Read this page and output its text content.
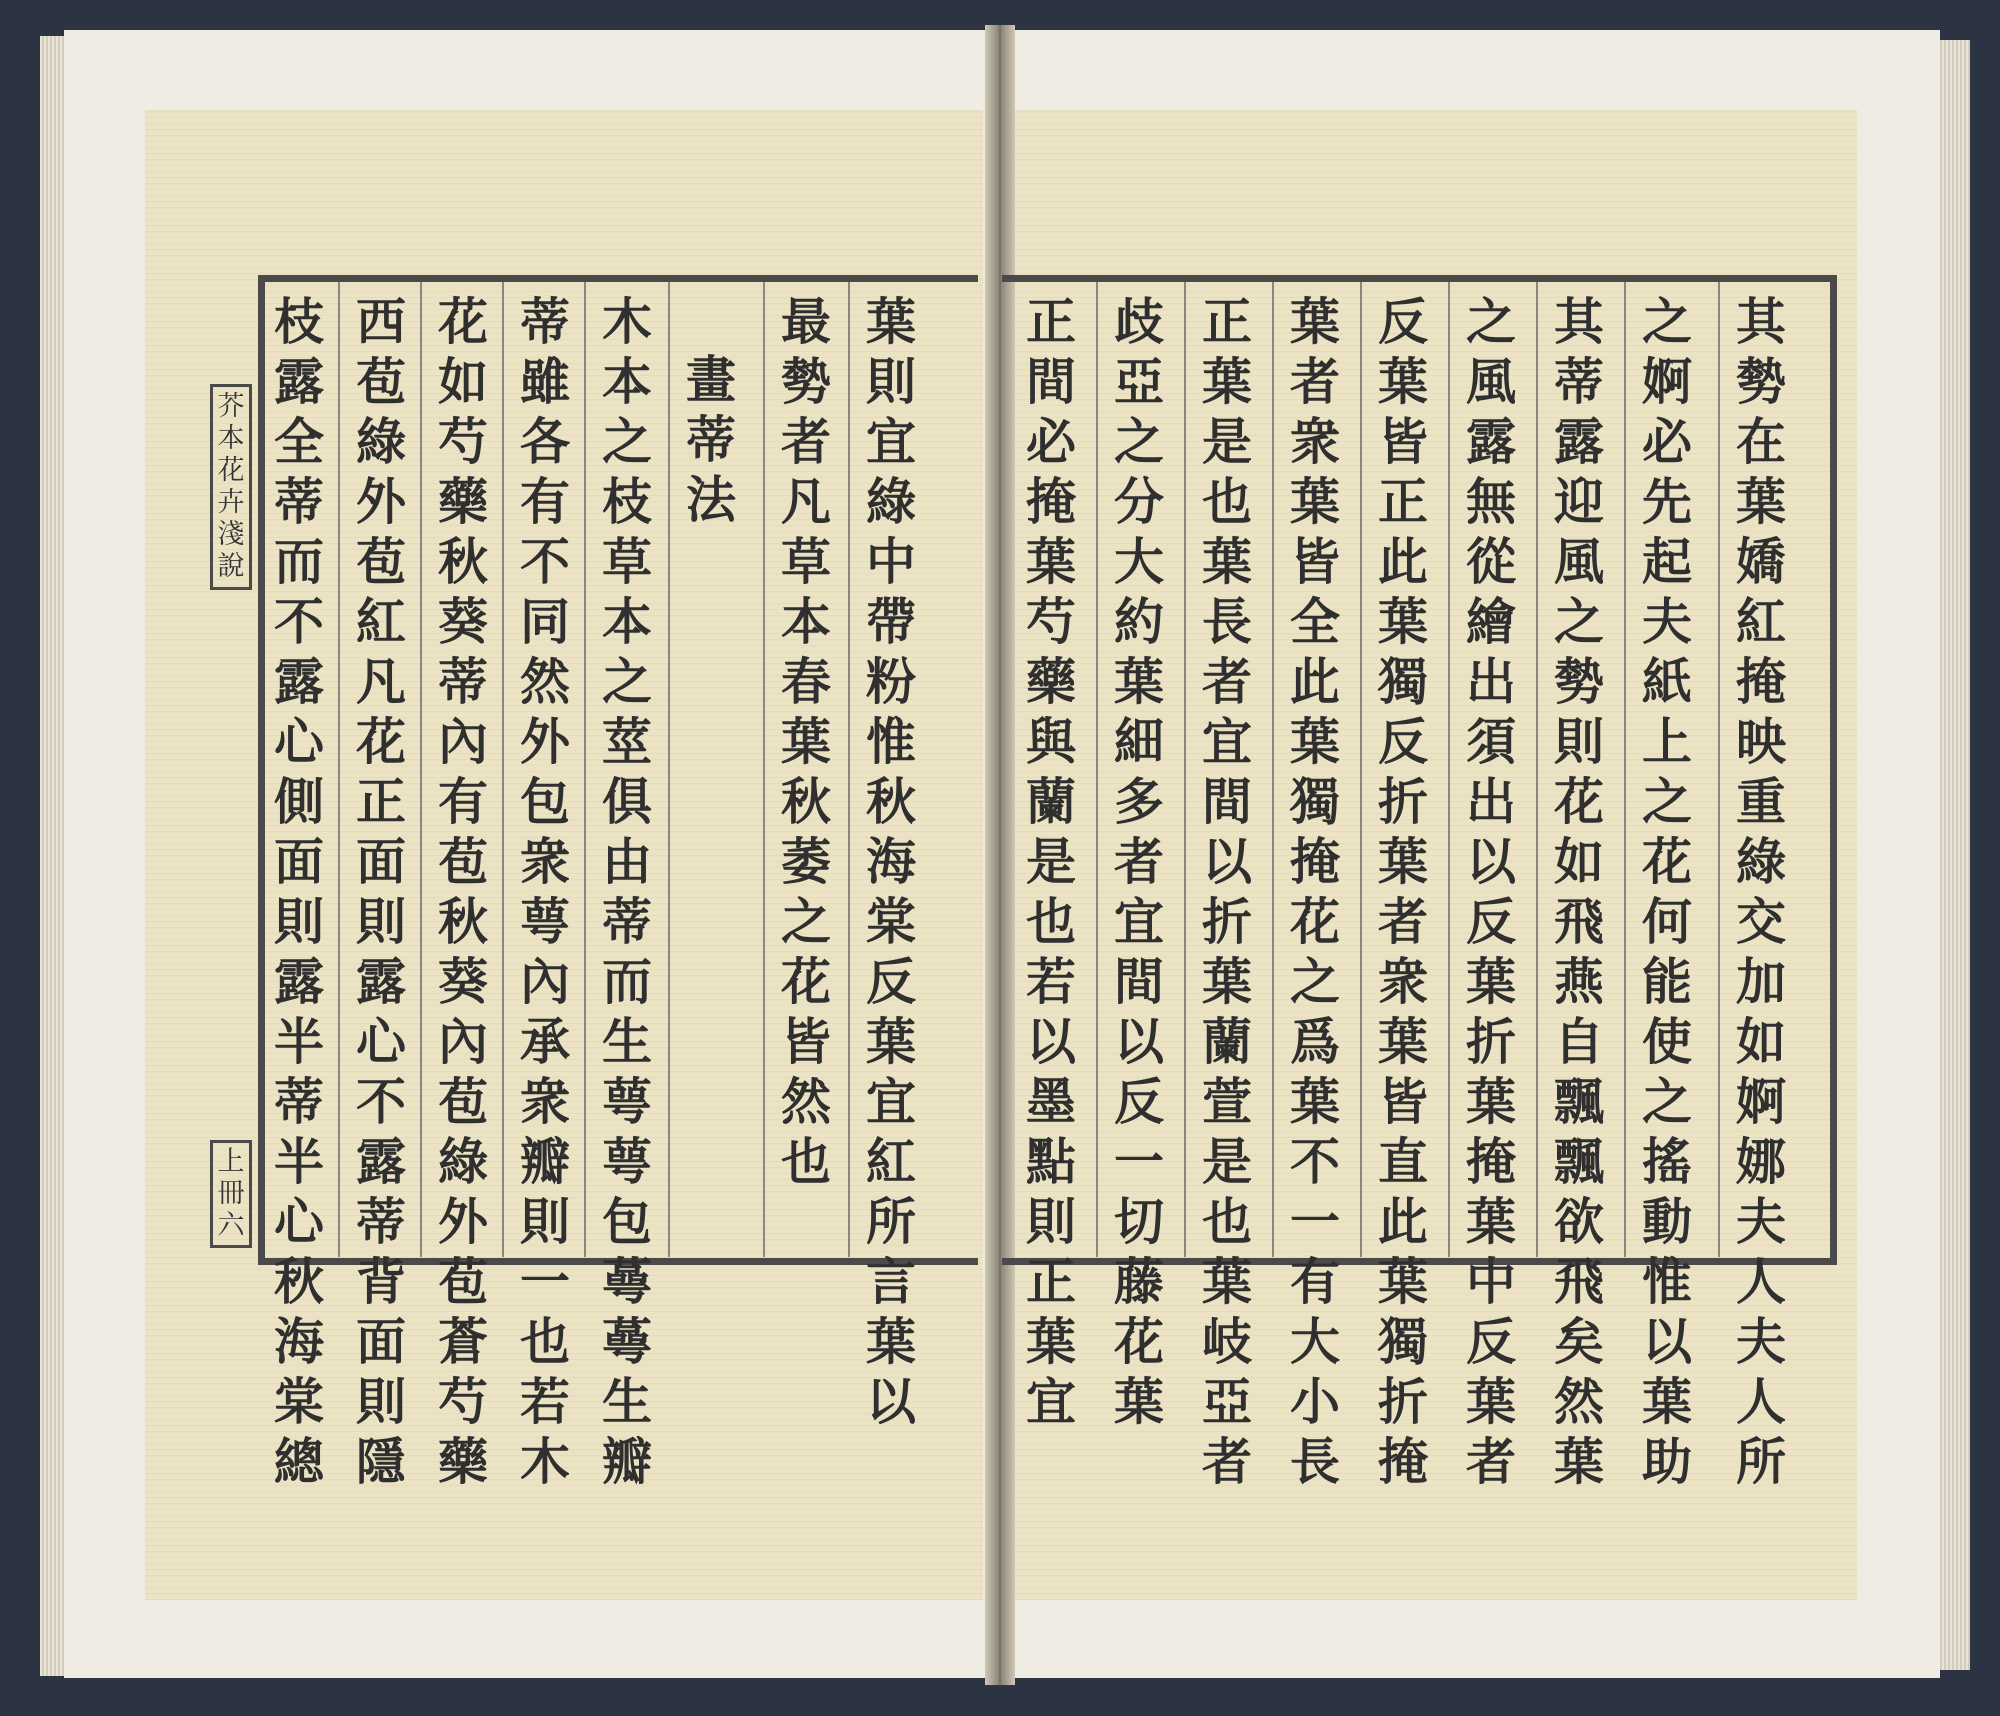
芥
本
花
卉
淺
說
上
冊
六
枝
露
全
蒂
而
不
露
心
側
面
則
露
半
蒂
半
心
秋
海
棠
總
西
苞
綠
外
苞
紅
凡
花
正
面
則
露
心
不
露
蒂
背
面
則
隱
花
如
芍
藥
秋
葵
蒂
內
有
苞
秋
葵
內
苞
綠
外
苞
蒼
芍
藥
蒂
雖
各
有
不
同
然
外
包
衆
萼
內
承
衆
瓣
則
一
也
若
木
木
本
之
枝
草
本
之
莖
俱
由
蒂
而
生
萼
萼
包
蕚
蕚
生
瓣
畫
蒂
法
最
勢
者
凡
草
本
春
葉
秋
萎
之
花
皆
然
也
葉
則
宜
綠
中
帶
粉
惟
秋
海
棠
反
葉
宜
紅
所
言
葉
以
正
間
必
掩
葉
芍
藥
與
蘭
是
也
若
以
墨
點
則
正
葉
宜
歧
亞
之
分
大
約
葉
細
多
者
宜
間
以
反
一
切
藤
花
葉
正
葉
是
也
葉
長
者
宜
間
以
折
葉
蘭
萱
是
也
葉
岐
亞
者
葉
者
衆
葉
皆
全
此
葉
獨
掩
花
之
爲
葉
不
一
有
大
小
長
反
葉
皆
正
此
葉
獨
反
折
葉
者
衆
葉
皆
直
此
葉
獨
折
掩
之
風
露
無
從
繪
出
須
出
以
反
葉
折
葉
掩
葉
中
反
葉
者
其
蒂
露
迎
風
之
勢
則
花
如
飛
燕
自
飄
飄
欲
飛
矣
然
葉
之
婀
必
先
起
夫
紙
上
之
花
何
能
使
之
搖
動
惟
以
葉
助
其
勢
在
葉
嬌
紅
掩
映
重
綠
交
加
如
婀
娜
夫
人
夫
人
所
